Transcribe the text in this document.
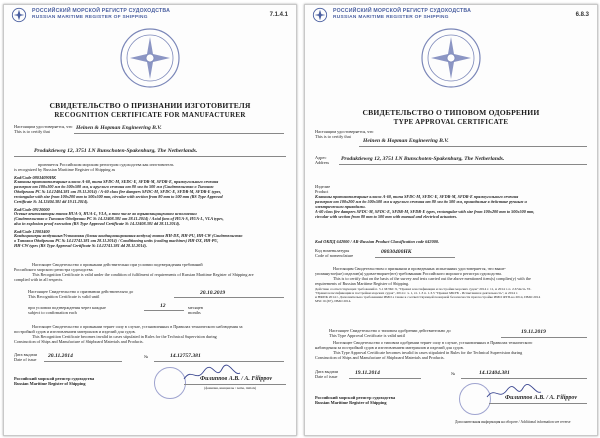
РОССИЙСКИЙ МОРСКОЙ РЕГИСТР СУДОХОДСТВА
RUSSIAN MARITIME REGISTER OF SHIPPING	7.1.4.1
СВИДЕТЕЛЬСТВО О ПРИЗНАНИИ ИЗГОТОВИТЕЛЯ
RECOGNITION CERTIFICATE FOR MANUFACTURER
Настоящим удостоверяется, что
This is to certify that
Heinen & Hopman Engineering B.V.
Produktieweg 12, 3751 LN Bunschoten-Spakenburg, The Netherlands.
признается Российским морским регистром судоходства как изготовитель
is recognized by Russian Maritime Register of Shipping as
Kod/Code 08034090НК
Клапаны противопожарные класса A-60, типа SFDC-M, SEDC-E, SFDR-M, SFDR-E, прямоугольного сечения
размером от 100х100 мм до 500х500 мм, и круглого сечения от 80 мм до 500 мм (Свидетельство о Типовом
Одобрении РС № 14.12404.381 от 19.11.2014) / A-60 class fire dampers SFDC-M, SFDC-E, SFDR-M, SFDR-E types,
rectangular with size from 100x200 mm to 500x500 mm, circular with section from 80 mm to 500 mm (RS Type Approval
Certificate № 14.12404.381 dd 19.11.2014).
Kod/Code 09120000
Осевые вентиляторы типов HUA-S, HUA-L, VLA, в том числе во взрывозащищенном исполнении
(Свидетельство о Типовом Одобрении РС № 14.12408.381 от 28.11.2014) / Axial fans of HUA-S, HUA-L, VLA types,
also in explosion proof execution (RS Type Approval Certificate № 14.12408.381 dd 28.11.2014).
Kod/Code 12003400
Кондиционеры воздушные/Установки (блоки кондиционирования воздуха) типов HH-DX, HH-PU, HH-CW (Свидетельство
о Типовом Одобрении РС № 14.12741.381 от 28.11.2014) / Conditioning units (cooling machines) HH-DX, HH-PU,
HH-CW types (RS Type Approval Certificate № 14.12741.381 dd 28.11.2014).
Настоящее Свидетельство о признании действительно при условии подтверждения требований
Российского морского регистра судоходства.
This Recognition Certificate is valid under the condition of fulfilment of requirements of Russian Maritime Register of Shipping are
complied with in all respects.
Настоящее Свидетельство о признании действительно до
This Recognition Certificate is valid until
20.10.2019
при условии подтверждения через каждые	12	месяцев
subject to confirmation each	months
Настоящее Свидетельство о признании теряет силу в случае, установленных в Правилах технического наблюдения за
постройкой судов и изготовлением материалов и изделий для судов.
This Recognition Certificate becomes invalid in cases stipulated in Rules for the Technical Supervision during
Construction of Ships and Manufacture of Shipboard Materials and Products.
Дата выдачи
Date of issue
20.11.2014	№	14.12757.381
Российский морской регистр судоходства
Russian Maritime Register of Shipping
Филиппов А.В. / A. Filippov
(фамилия, инициалы / name, initials)
РОССИЙСКИЙ МОРСКОЙ РЕГИСТР СУДОХОДСТВА
RUSSIAN MARITIME REGISTER OF SHIPPING	6.8.3
СВИДЕТЕЛЬСТВО О ТИПОВОМ ОДОБРЕНИИ
TYPE APPROVAL CERTIFICATE
Настоящим удостоверяется, что
This is to certify that
Heinen & Hopman Engineering B.V.
Адрес
Address
Produktieweg 12, 3751 LN Bunschoten-Spakenburg, The Netherlands.
Изделие
Product
Клапаны противопожарные класса A-60, типа SFDC-M, SFDC-E, SFDR-M, SFDR-E прямоугольного сечения
размером от 100х200 мм до 500х500 мм и круглого сечения от 80 мм до 500 мм, приводимые в действие ручным и
электрическим приводами.
A-60 class fire dampers SFDC-M, SFDC-E, SFDR-M, SFDR-E types, rectangular with size from 100x200 mm to 500x500 mm,
circular with section from 80 mm to 500 mm with manual and electrical actuators.
Kod OKПД 642000 / AR-Russian Product Classification code 642000.
Код номенклатуры
Code of nomenclature
08030400НК
Настоящим Свидетельством о признании и проведенных испытаниях удостоверяется, что выше-
упомянутое(ые) изделие(я) удовлетворяет(ют) требованиям Российского морского регистра судоходства.
This is to certify that on the basis of the survey and tests carried out the above mentioned item(s) complies(y) with the
requirements of Russian Maritime Register of Shipping.
Действие соответствующих требований п. 5.1 МЭКС 9, "Правил классификации и постройки морских судов" 2014 г. 11, и 2014 г. п. 2.6 Часть VI.
"Правил классификации и постройки морских судов", 2014 г. ч. 1, гл. 1.3 п. 1.3.5 "Правил МКУБ - Испытания и деятельность", и 2014 г.
и НФПК 2014 г. Дополнительно требованиям ИМО а также к соответствующей пожарной безопасности при постройке ИМО ФТП-ко 2014, ИМО 2014
MSC 61(67), ИМО 2014.
Настоящее Свидетельство о типовом одобрении действительно до
This Type Approval Certificate is valid until
19.11.2019
Настоящее Свидетельство о типовом одобрении теряет силу в случае, установленных в Правилах технического
наблюдения за постройкой судов и изготовлением материалов и изделий для судов.
This Type Approval Certificate becomes invalid in cases stipulated in Rules for the Technical Supervision during
Construction of Ships and Manufacture of Shipboard Materials and Products.
Дата выдачи
Date of issue
19.11.2014	№	14.12404.381
Российский морской регистр судоходства
Russian Maritime Register of Shipping
Филиппов А.В. / A. Filippov
Дополнительная информация на обороте / Additional information see reverse
